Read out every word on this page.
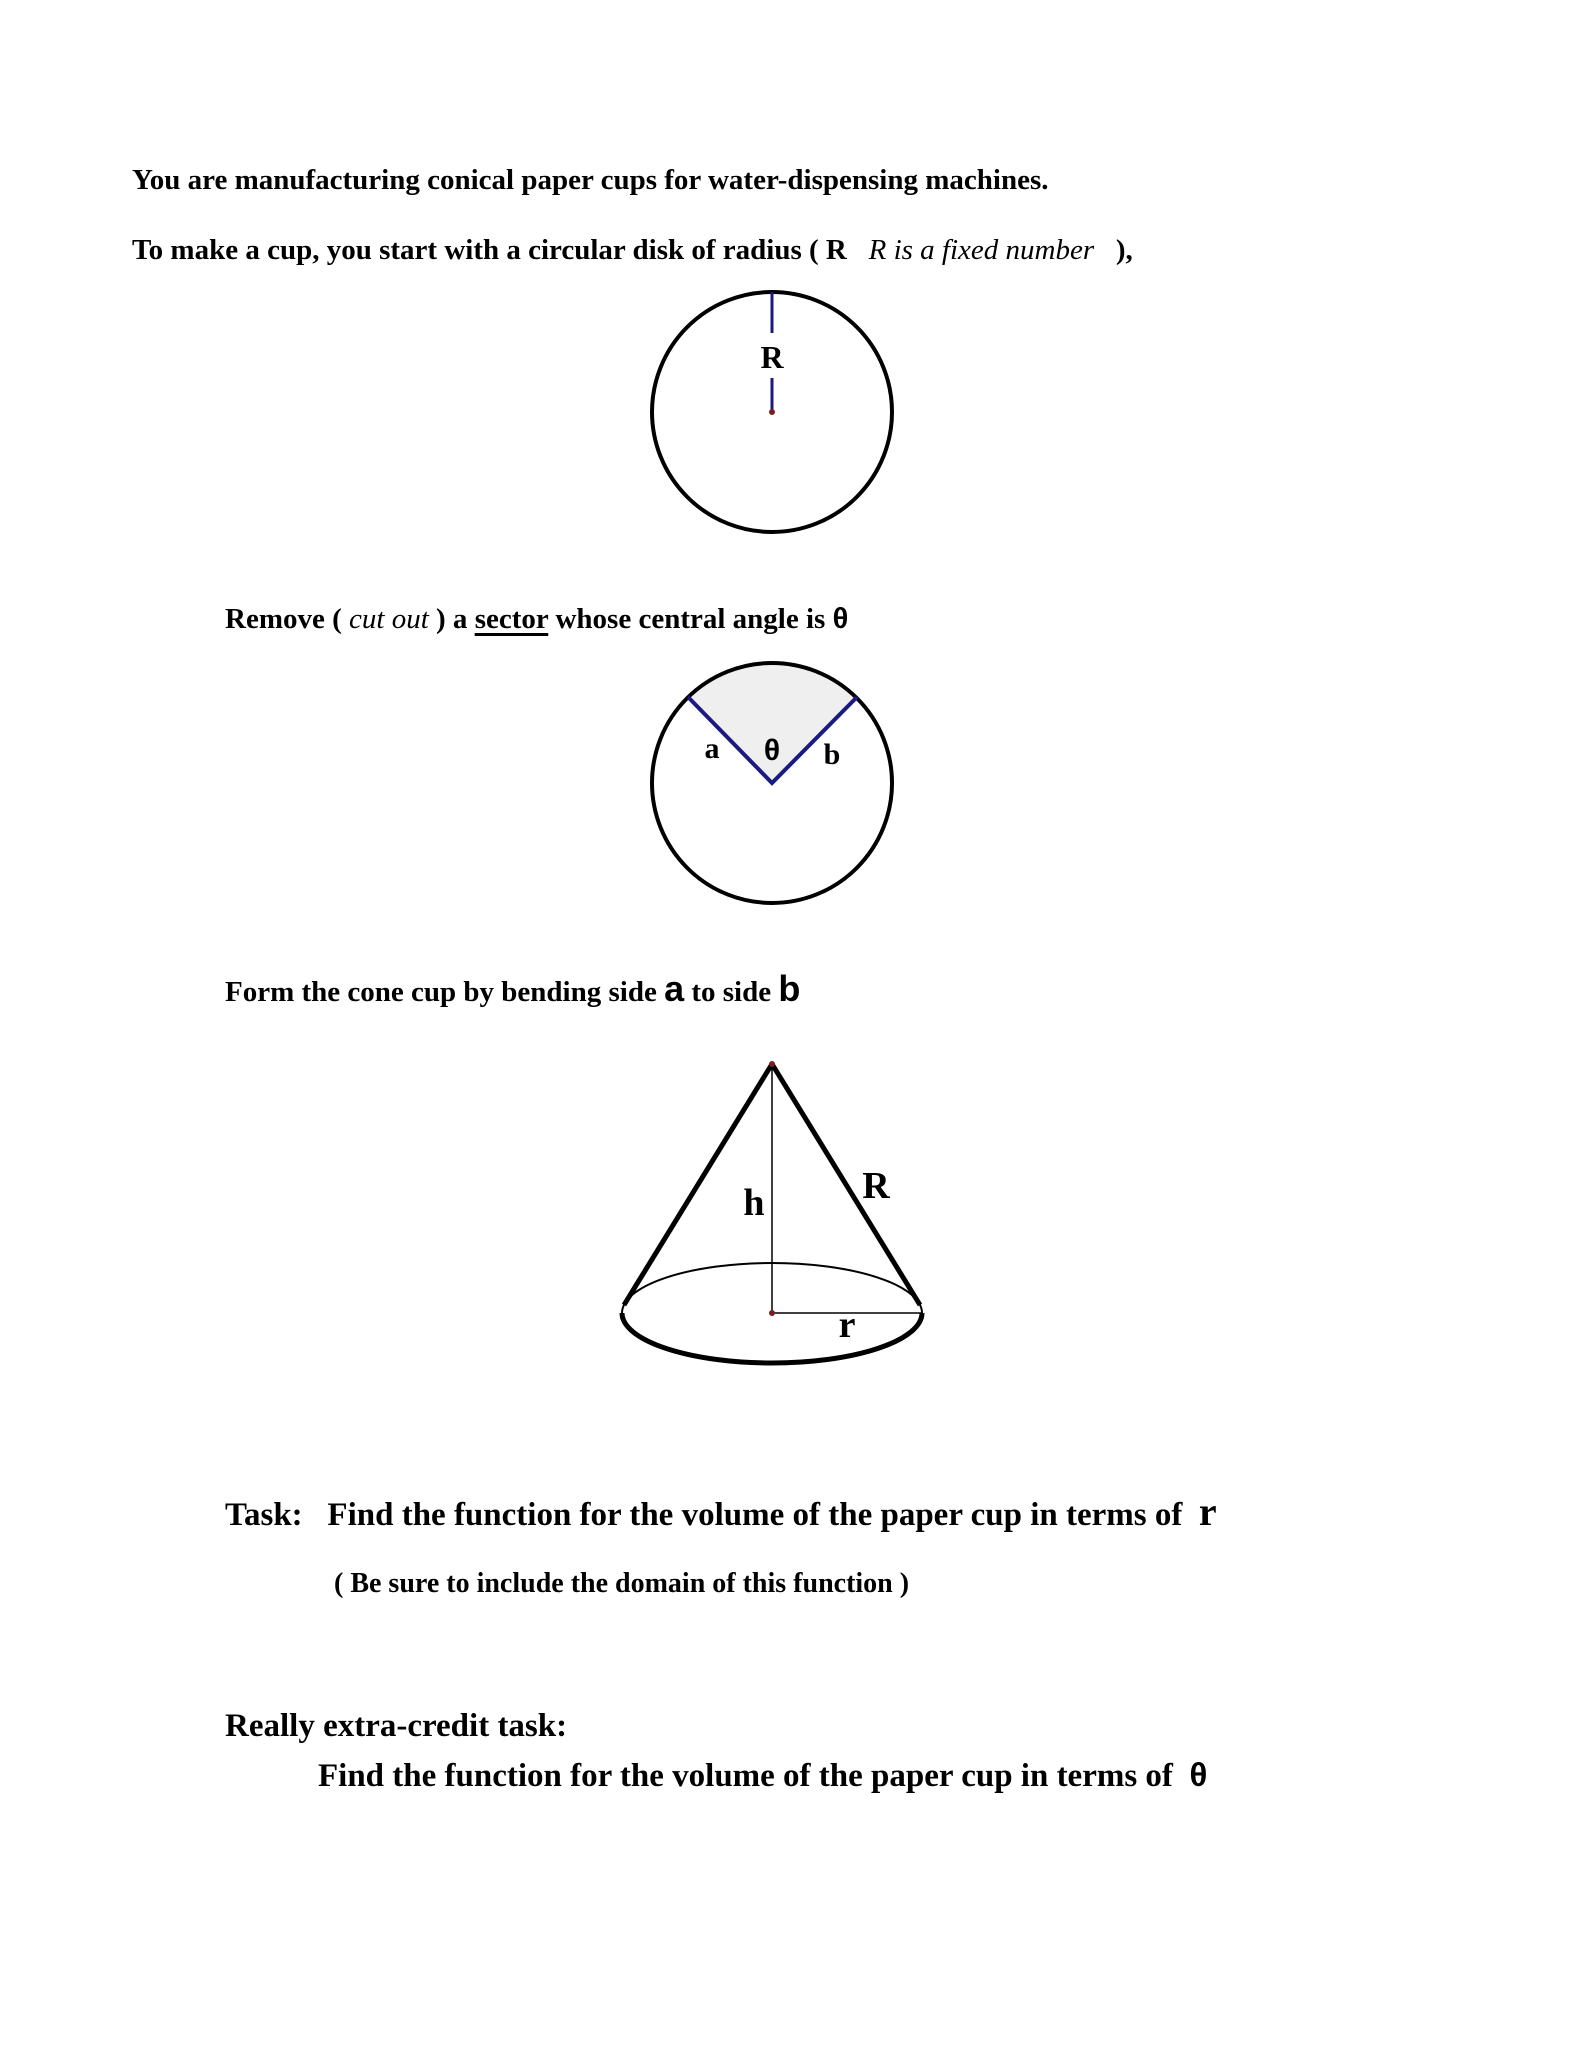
You are manufacturing conical paper cups for water-dispensing machines.
To make a cup, you start with a circular disk of radius ( R R is a fixed number ),
R
Remove ( cut out ) a sector whose central angle is θ
a θ b
Form the cone cup by bending side a to side b
h	R
r
Task: Find the function for the volume of the paper cup in terms of r
( Be sure to include the domain of this function )
Really extra-credit task:
Find the function for the volume of the paper cup in terms of θ
